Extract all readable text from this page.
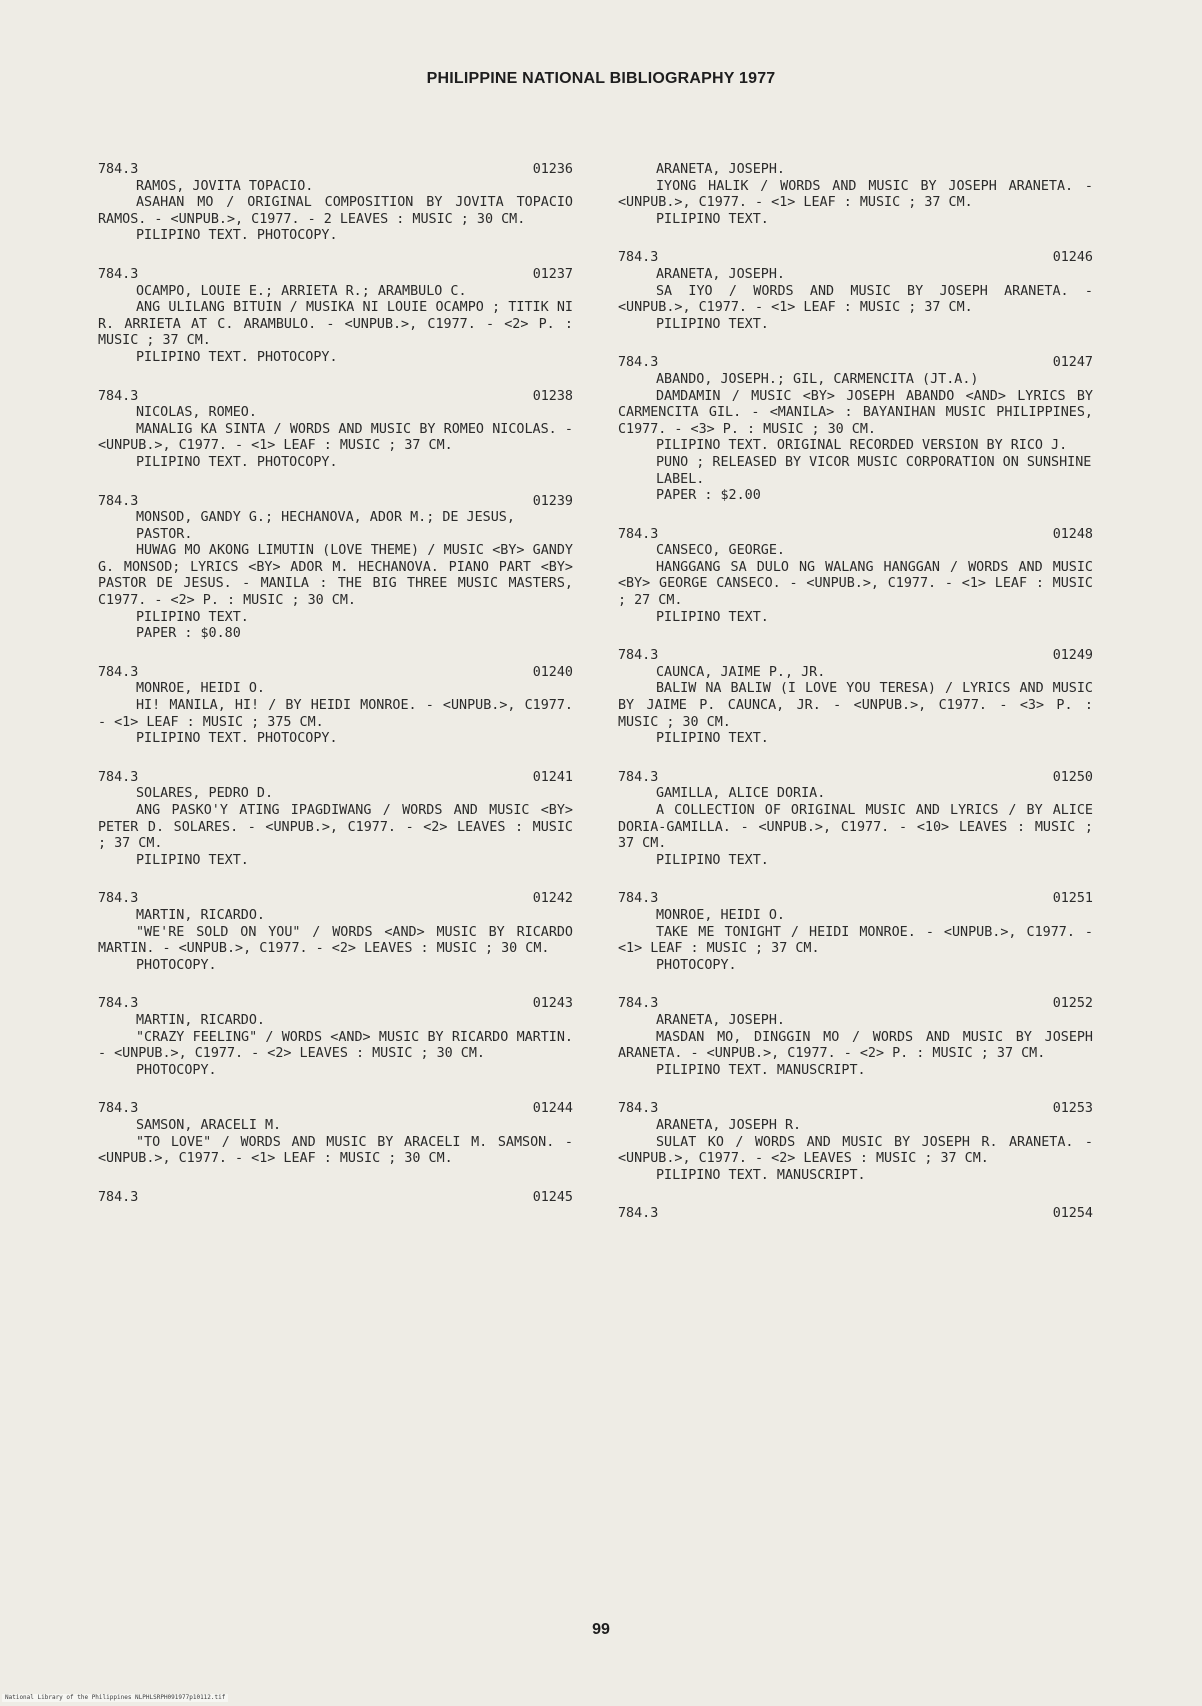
PHILIPPINE NATIONAL BIBLIOGRAPHY 1977
784.3	01236
RAMOS, JOVITA TOPACIO.
ASAHAN MO / ORIGINAL COMPOSITION BY JOVITA TOPACIO RAMOS. - <UNPUB.>, C1977. - 2 LEAVES : MUSIC ; 30 CM.
PILIPINO TEXT. PHOTOCOPY.
784.3	01237
OCAMPO, LOUIE E.; ARRIETA R.; ARAMBULO C.
ANG ULILANG BITUIN / MUSIKA NI LOUIE OCAMPO ; TITIK NI R. ARRIETA AT C. ARAMBULO. - <UNPUB.>, C1977. - <2> P. : MUSIC ; 37 CM.
PILIPINO TEXT. PHOTOCOPY.
784.3	01238
NICOLAS, ROMEO.
MANALIG KA SINTA / WORDS AND MUSIC BY ROMEO NICOLAS. - <UNPUB.>, C1977. - <1> LEAF : MUSIC ; 37 CM.
PILIPINO TEXT. PHOTOCOPY.
784.3	01239
MONSOD, GANDY G.; HECHANOVA, ADOR M.; DE JESUS, PASTOR.
HUWAG MO AKONG LIMUTIN (LOVE THEME) / MUSIC <BY> GANDY G. MONSOD; LYRICS <BY> ADOR M. HECHANOVA. PIANO PART <BY> PASTOR DE JESUS. - MANILA : THE BIG THREE MUSIC MASTERS, C1977. - <2> P. : MUSIC ; 30 CM.
PILIPINO TEXT.
PAPER : $0.80
784.3	01240
MONROE, HEIDI O.
HI! MANILA, HI! / BY HEIDI MONROE. - <UNPUB.>, C1977. - <1> LEAF : MUSIC ; 375 CM.
PILIPINO TEXT. PHOTOCOPY.
784.3	01241
SOLARES, PEDRO D.
ANG PASKO'Y ATING IPAGDIWANG / WORDS AND MUSIC <BY> PETER D. SOLARES. - <UNPUB.>, C1977. - <2> LEAVES : MUSIC ; 37 CM.
PILIPINO TEXT.
784.3	01242
MARTIN, RICARDO.
"WE'RE SOLD ON YOU" / WORDS <AND> MUSIC BY RICARDO MARTIN. - <UNPUB.>, C1977. - <2> LEAVES : MUSIC ; 30 CM.
PHOTOCOPY.
784.3	01243
MARTIN, RICARDO.
"CRAZY FEELING" / WORDS <AND> MUSIC BY RICARDO MARTIN. - <UNPUB.>, C1977. - <2> LEAVES : MUSIC ; 30 CM.
PHOTOCOPY.
784.3	01244
SAMSON, ARACELI M.
"TO LOVE" / WORDS AND MUSIC BY ARACELI M. SAMSON. - <UNPUB.>, C1977. - <1> LEAF : MUSIC ; 30 CM.
784.3	01245
ARANETA, JOSEPH.
IYONG HALIK / WORDS AND MUSIC BY JOSEPH ARANETA. - <UNPUB.>, C1977. - <1> LEAF : MUSIC ; 37 CM.
PILIPINO TEXT.
784.3	01246
ARANETA, JOSEPH.
SA IYO / WORDS AND MUSIC BY JOSEPH ARANETA. - <UNPUB.>, C1977. - <1> LEAF : MUSIC ; 37 CM.
PILIPINO TEXT.
784.3	01247
ABANDO, JOSEPH.; GIL, CARMENCITA (JT.A.)
DAMDAMIN / MUSIC <BY> JOSEPH ABANDO <AND> LYRICS BY CARMENCITA GIL. - <MANILA> : BAYANIHAN MUSIC PHILIPPINES, C1977. - <3> P. : MUSIC ; 30 CM.
PILIPINO TEXT. ORIGINAL RECORDED VERSION BY RICO J. PUNO ; RELEASED BY VICOR MUSIC CORPORATION ON SUNSHINE LABEL.
PAPER : $2.00
784.3	01248
CANSECO, GEORGE.
HANGGANG SA DULO NG WALANG HANGGAN / WORDS AND MUSIC <BY> GEORGE CANSECO. - <UNPUB.>, C1977. - <1> LEAF : MUSIC ; 27 CM.
PILIPINO TEXT.
784.3	01249
CAUNCA, JAIME P., JR.
BALIW NA BALIW (I LOVE YOU TERESA) / LYRICS AND MUSIC BY JAIME P. CAUNCA, JR. - <UNPUB.>, C1977. - <3> P. : MUSIC ; 30 CM.
PILIPINO TEXT.
784.3	01250
GAMILLA, ALICE DORIA.
A COLLECTION OF ORIGINAL MUSIC AND LYRICS / BY ALICE DORIA-GAMILLA. - <UNPUB.>, C1977. - <10> LEAVES : MUSIC ; 37 CM.
PILIPINO TEXT.
784.3	01251
MONROE, HEIDI O.
TAKE ME TONIGHT / HEIDI MONROE. - <UNPUB.>, C1977. - <1> LEAF : MUSIC ; 37 CM.
PHOTOCOPY.
784.3	01252
ARANETA, JOSEPH.
MASDAN MO, DINGGIN MO / WORDS AND MUSIC BY JOSEPH ARANETA. - <UNPUB.>, C1977. - <2> P. : MUSIC ; 37 CM.
PILIPINO TEXT. MANUSCRIPT.
784.3	01253
ARANETA, JOSEPH R.
SULAT KO / WORDS AND MUSIC BY JOSEPH R. ARANETA. - <UNPUB.>, C1977. - <2> LEAVES : MUSIC ; 37 CM.
PILIPINO TEXT. MANUSCRIPT.
784.3	01254
99
National Library of the Philippines NLPHLSRPH091977p10112.tif
